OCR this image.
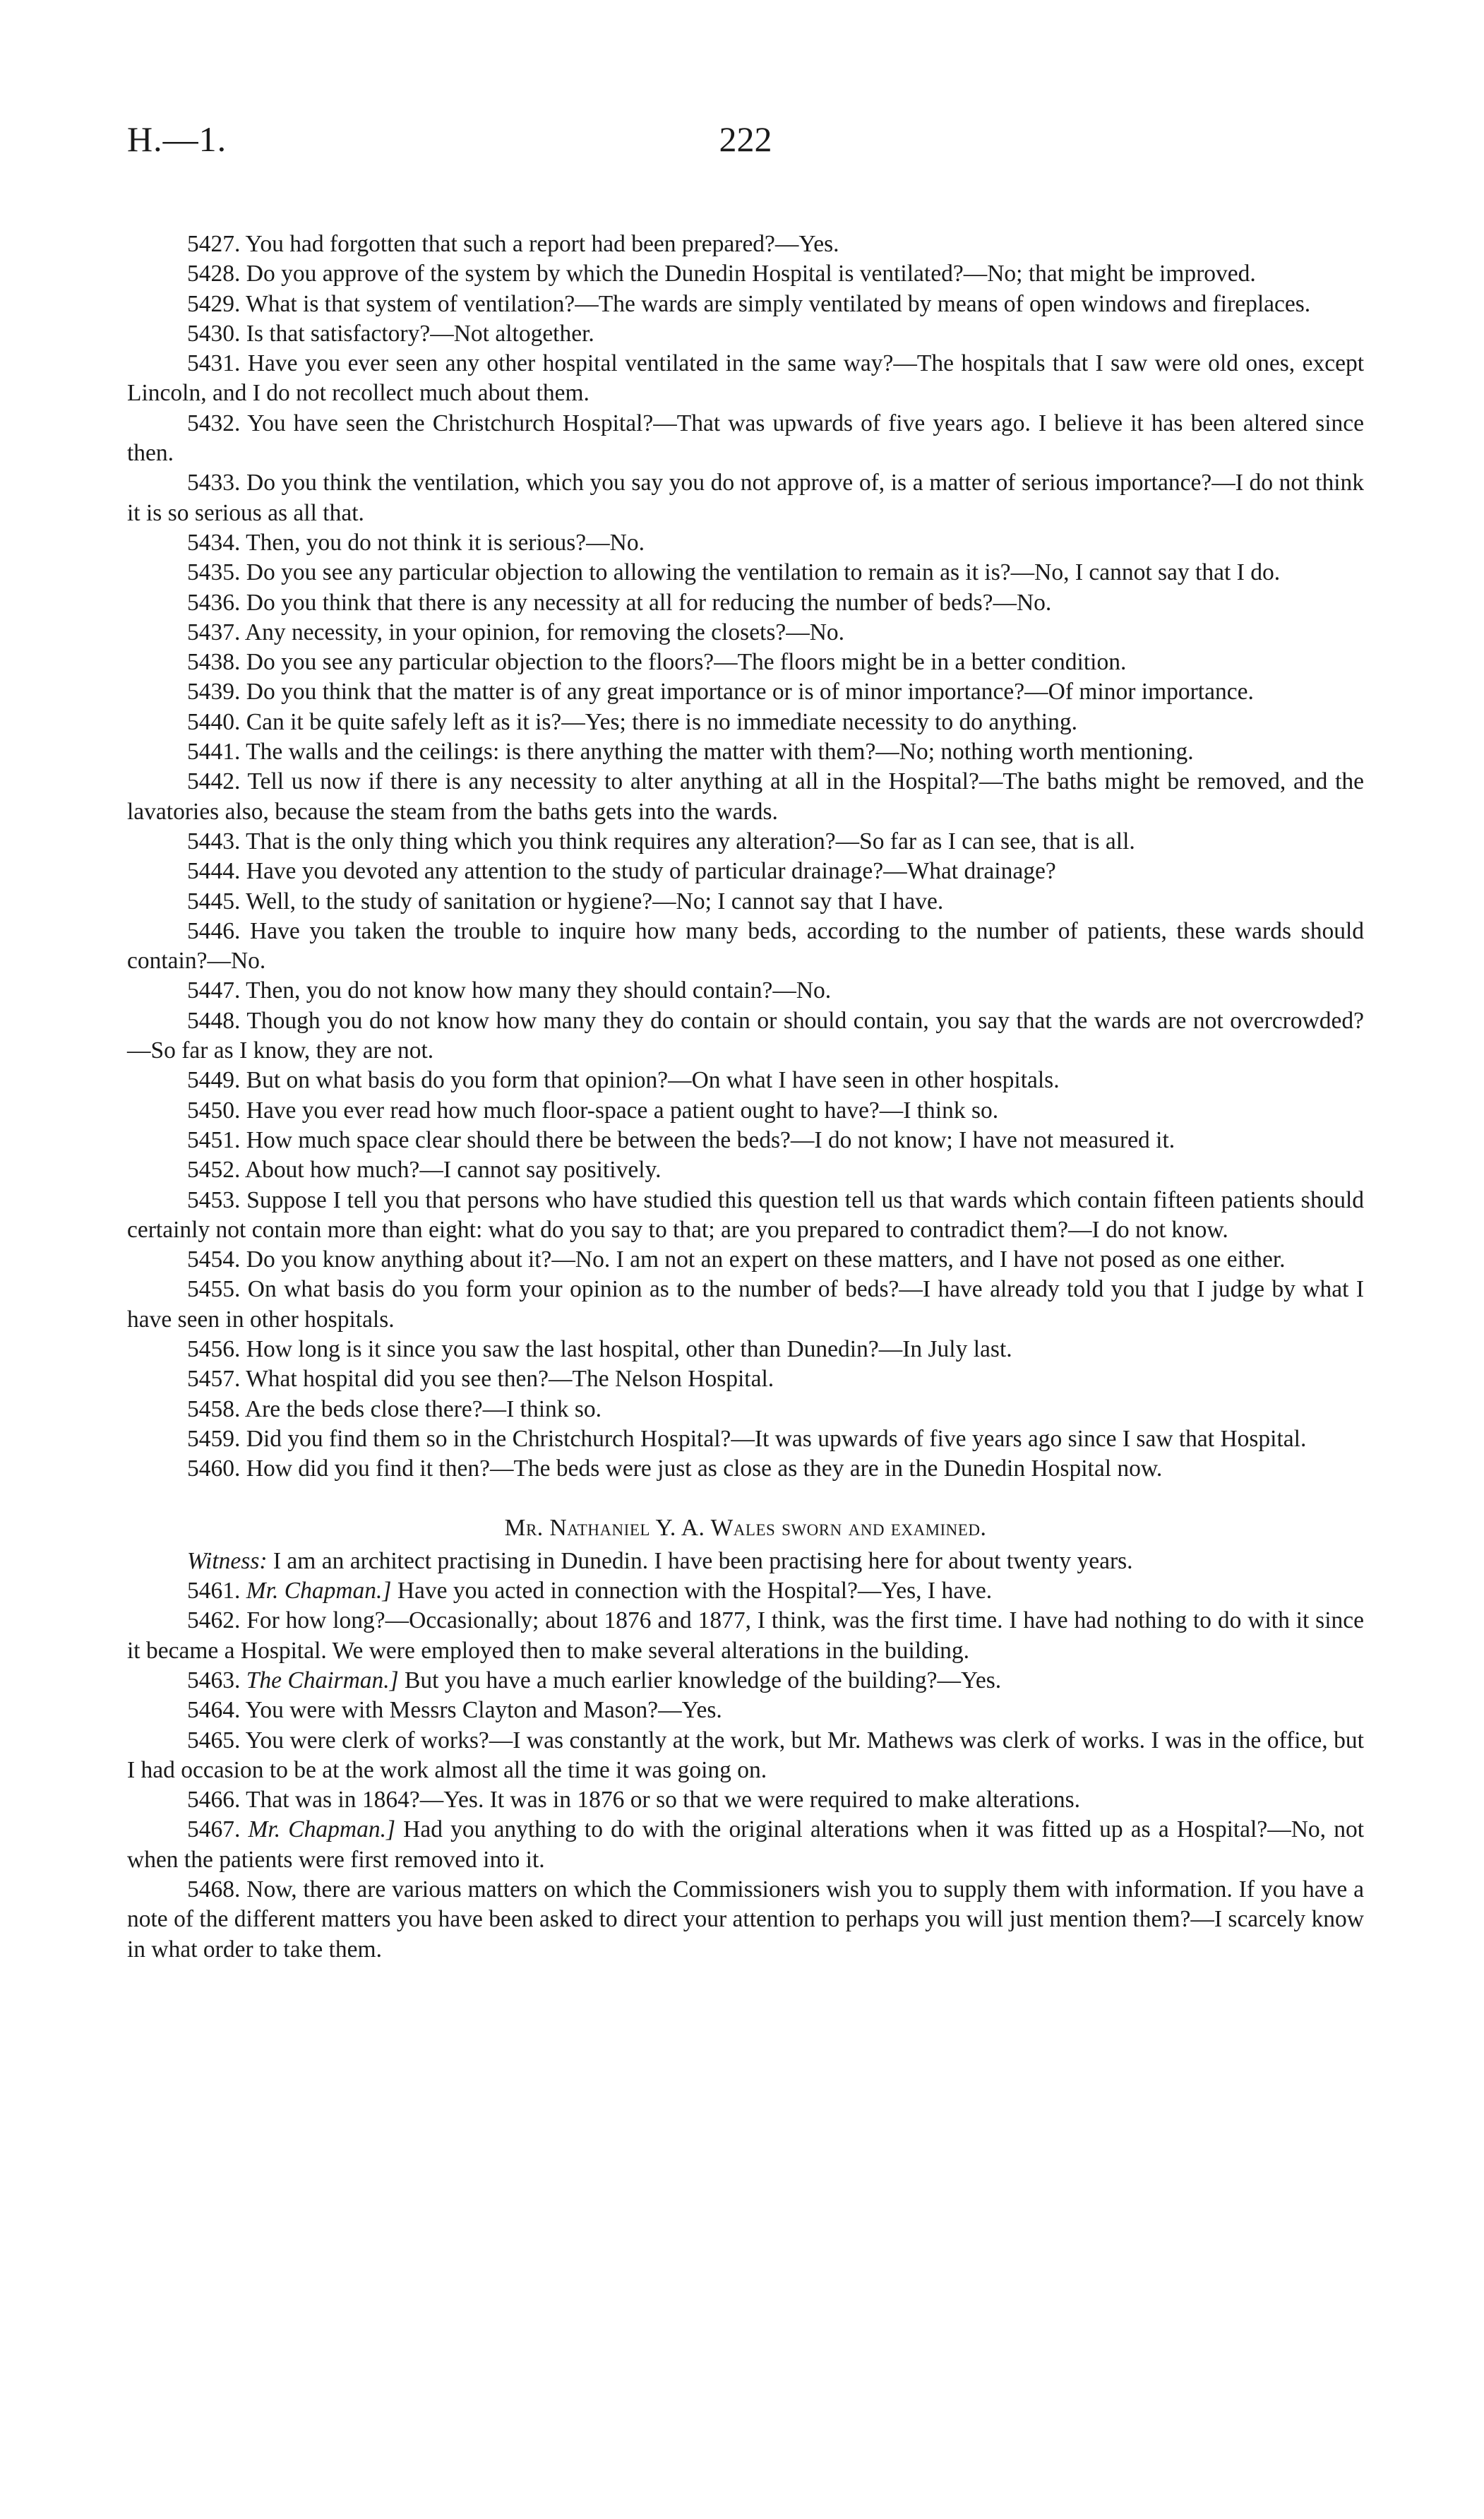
H.—1.	222

5427. You had forgotten that such a report had been prepared?—Yes.

5428. Do you approve of the system by which the Dunedin Hospital is ventilated?—No; that might be improved.

5429. What is that system of ventilation?—The wards are simply ventilated by means of open windows and fireplaces.

5430. Is that satisfactory?—Not altogether.

5431. Have you ever seen any other hospital ventilated in the same way?—The hospitals that I saw were old ones, except Lincoln, and I do not recollect much about them.

5432. You have seen the Christchurch Hospital?—That was upwards of five years ago. I believe it has been altered since then.

5433. Do you think the ventilation, which you say you do not approve of, is a matter of serious importance?—I do not think it is so serious as all that.

5434. Then, you do not think it is serious?—No.

5435. Do you see any particular objection to allowing the ventilation to remain as it is?—No, I cannot say that I do.

5436. Do you think that there is any necessity at all for reducing the number of beds?—No.

5437. Any necessity, in your opinion, for removing the closets?—No.

5438. Do you see any particular objection to the floors?—The floors might be in a better condition.

5439. Do you think that the matter is of any great importance or is of minor importance?—Of minor importance.

5440. Can it be quite safely left as it is?—Yes; there is no immediate necessity to do anything.

5441. The walls and the ceilings: is there anything the matter with them?—No; nothing worth mentioning.

5442. Tell us now if there is any necessity to alter anything at all in the Hospital?—The baths might be removed, and the lavatories also, because the steam from the baths gets into the wards.

5443. That is the only thing which you think requires any alteration?—So far as I can see, that is all.

5444. Have you devoted any attention to the study of particular drainage?—What drainage?

5445. Well, to the study of sanitation or hygiene?—No; I cannot say that I have.

5446. Have you taken the trouble to inquire how many beds, according to the number of patients, these wards should contain?—No.

5447. Then, you do not know how many they should contain?—No.

5448. Though you do not know how many they do contain or should contain, you say that the wards are not overcrowded?—So far as I know, they are not.

5449. But on what basis do you form that opinion?—On what I have seen in other hospitals.

5450. Have you ever read how much floor-space a patient ought to have?—I think so.

5451. How much space clear should there be between the beds?—I do not know; I have not measured it.

5452. About how much?—I cannot say positively.

5453. Suppose I tell you that persons who have studied this question tell us that wards which contain fifteen patients should certainly not contain more than eight: what do you say to that; are you prepared to contradict them?—I do not know.

5454. Do you know anything about it?—No. I am not an expert on these matters, and I have not posed as one either.

5455. On what basis do you form your opinion as to the number of beds?—I have already told you that I judge by what I have seen in other hospitals.

5456. How long is it since you saw the last hospital, other than Dunedin?—In July last.

5457. What hospital did you see then?—The Nelson Hospital.

5458. Are the beds close there?—I think so.

5459. Did you find them so in the Christchurch Hospital?—It was upwards of five years ago since I saw that Hospital.

5460. How did you find it then?—The beds were just as close as they are in the Dunedin Hospital now.

Mr. Nathaniel Y. A. Wales sworn and examined.

Witness: I am an architect practising in Dunedin. I have been practising here for about twenty years.

5461. Mr. Chapman.] Have you acted in connection with the Hospital?—Yes, I have.

5462. For how long?—Occasionally; about 1876 and 1877, I think, was the first time. I have had nothing to do with it since it became a Hospital. We were employed then to make several alterations in the building.

5463. The Chairman.] But you have a much earlier knowledge of the building?—Yes.

5464. You were with Messrs Clayton and Mason?—Yes.

5465. You were clerk of works?—I was constantly at the work, but Mr. Mathews was clerk of works. I was in the office, but I had occasion to be at the work almost all the time it was going on.

5466. That was in 1864?—Yes. It was in 1876 or so that we were required to make alterations.

5467. Mr. Chapman.] Had you anything to do with the original alterations when it was fitted up as a Hospital?—No, not when the patients were first removed into it.

5468. Now, there are various matters on which the Commissioners wish you to supply them with information. If you have a note of the different matters you have been asked to direct your attention to perhaps you will just mention them?—I scarcely know in what order to take them.
